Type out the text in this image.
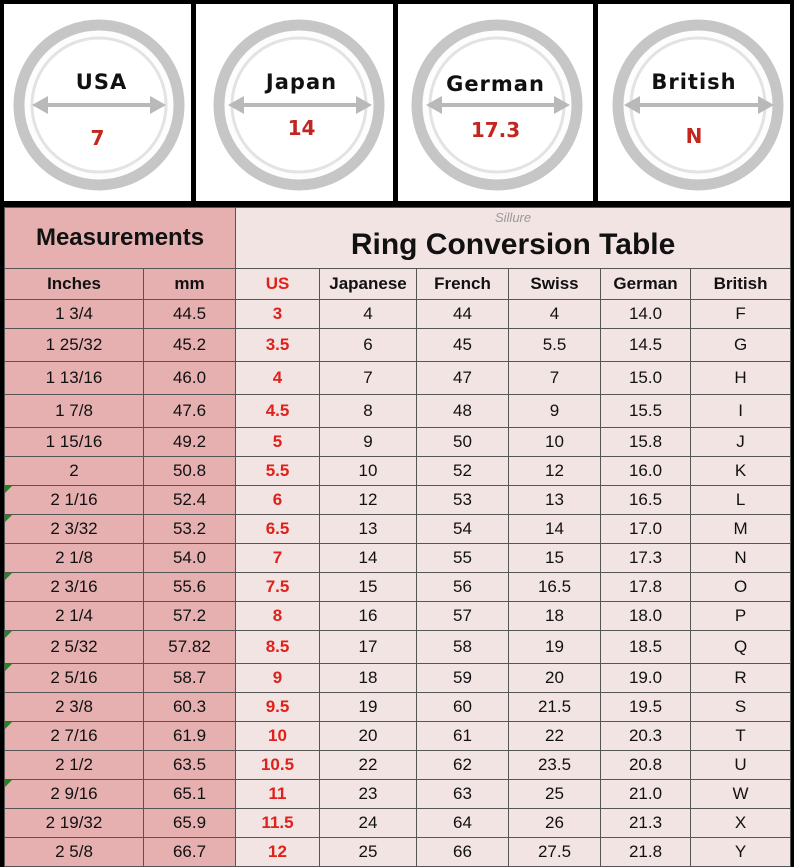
USA
7
Japan
14
German
17.3
British
N
Measurements		Sillure
Ring Conversion Table					

Inches	mm	US	Japanese	French	Swiss	German	British
1 3/4	44.5	3	4	44	4	14.0	F
1 25/32	45.2	3.5	6	45	5.5	14.5	G
1 13/16	46.0	4	7	47	7	15.0	H
1 7/8	47.6	4.5	8	48	9	15.5	I
1 15/16	49.2	5	9	50	10	15.8	J
2	50.8	5.5	10	52	12	16.0	K

2 1/16	52.4	6	12	53	13	16.5	L

2 3/32	53.2	6.5	13	54	14	17.0	M
2 1/8	54.0	7	14	55	15	17.3	N

2 3/16	55.6	7.5	15	56	16.5	17.8	O
2 1/4	57.2	8	16	57	18	18.0	P

2 5/32	57.82	8.5	17	58	19	18.5	Q

2 5/16	58.7	9	18	59	20	19.0	R
2 3/8	60.3	9.5	19	60	21.5	19.5	S

2 7/16	61.9	10	20	61	22	20.3	T
2 1/2	63.5	10.5	22	62	23.5	20.8	U

2 9/16	65.1	11	23	63	25	21.0	W
2 19/32	65.9	11.5	24	64	26	21.3	X
2 5/8	66.7	12	25	66	27.5	21.8	Y
